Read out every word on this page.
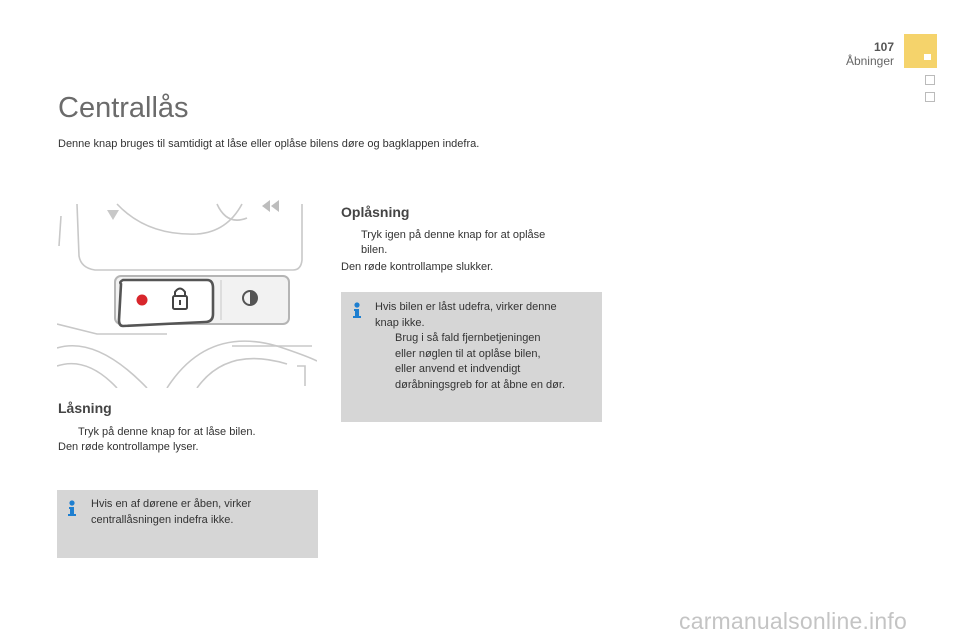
107
Åbninger
Centrallås
Denne knap bruges til samtidigt at låse eller oplåse bilens døre og bagklappen indefra.
Låsning
Tryk på denne knap for at låse bilen.
Den røde kontrollampe lyser.
Hvis en af dørene er åben, virker
centrallåsningen indefra ikke.
Oplåsning
Tryk igen på denne knap for at oplåse
bilen.
Den røde kontrollampe slukker.
Hvis bilen er låst udefra, virker denne
knap ikke.
Brug i så fald fjernbetjeningen
eller nøglen til at oplåse bilen,
eller anvend et indvendigt
døråbningsgreb for at åbne en dør.
carmanualsonline.info
